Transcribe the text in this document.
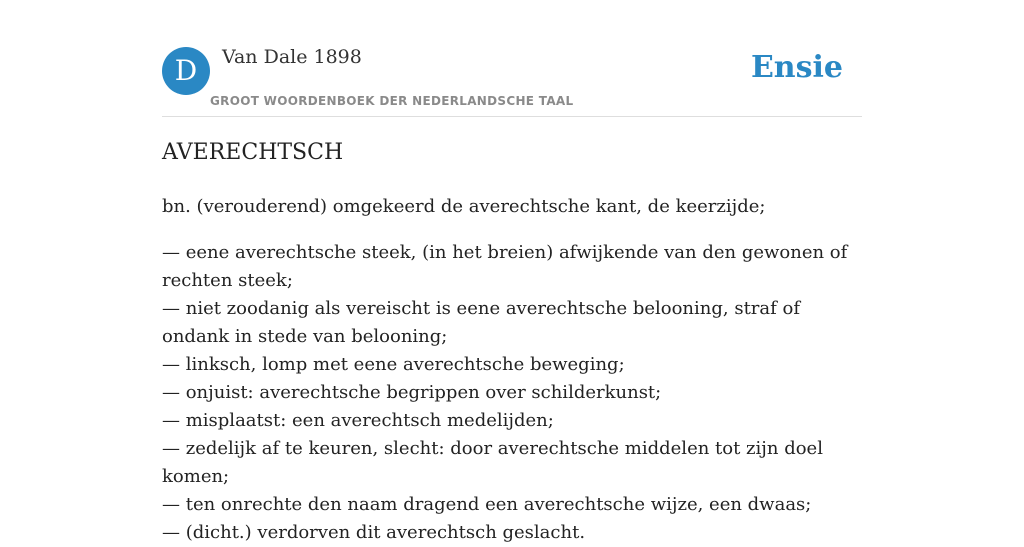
D	Van Dale 1898
GROOT WOORDENBOEK DER NEDERLANDSCHE TAAL
Ensie
AVERECHTSCH
bn. (verouderend) omgekeerd de averechtsche kant, de keerzijde;
— eene averechtsche steek, (in het breien) afwijkende van den gewonen of rechten steek;
— niet zoodanig als vereischt is eene averechtsche belooning, straf of ondank in stede van belooning;
— linksch, lomp met eene averechtsche beweging;
— onjuist: averechtsche begrippen over schilderkunst;
— misplaatst: een averechtsch medelijden;
— zedelijk af te keuren, slecht: door averechtsche middelen tot zijn doel komen;
— ten onrechte den naam dragend een averechtsche wijze, een dwaas;
— (dicht.) verdorven dit averechtsch geslacht.
